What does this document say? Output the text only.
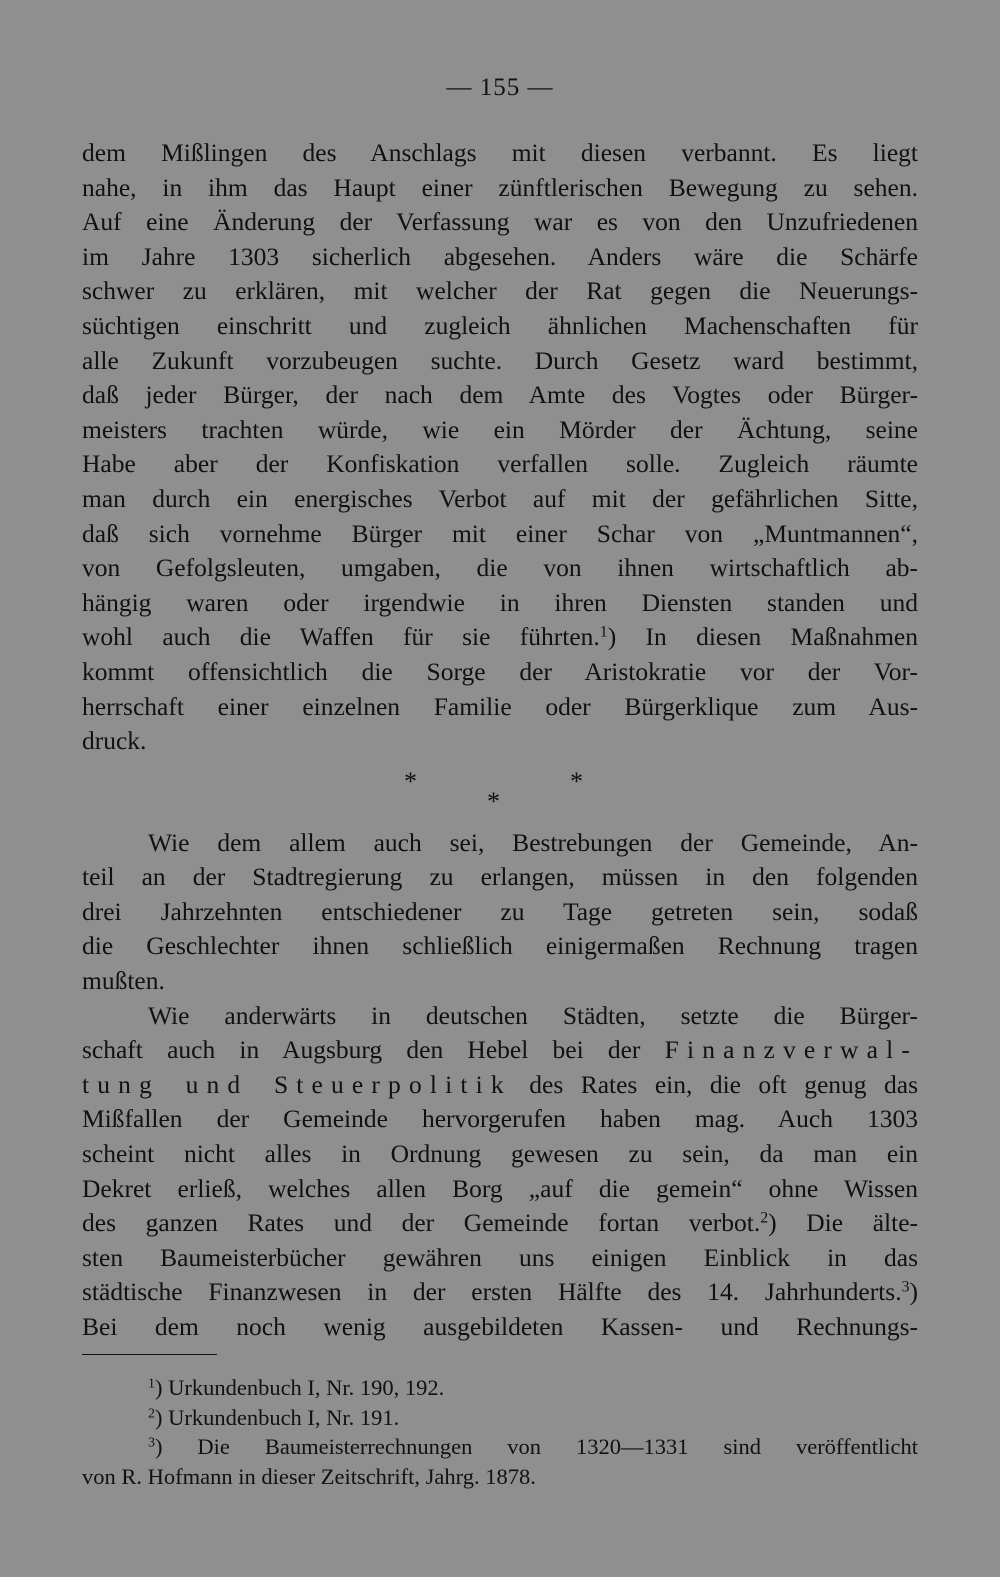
— 155 —
dem Mißlingen des Anschlags mit diesen verbannt. Es liegt
nahe, in ihm das Haupt einer zünftlerischen Bewegung zu sehen.
Auf eine Änderung der Verfassung war es von den Unzufriedenen
im Jahre 1303 sicherlich abgesehen. Anders wäre die Schärfe
schwer zu erklären, mit welcher der Rat gegen die Neuerungs-
süchtigen einschritt und zugleich ähnlichen Machenschaften für
alle Zukunft vorzubeugen suchte. Durch Gesetz ward bestimmt,
daß jeder Bürger, der nach dem Amte des Vogtes oder Bürger-
meisters trachten würde, wie ein Mörder der Ächtung, seine
Habe aber der Konfiskation verfallen solle. Zugleich räumte
man durch ein energisches Verbot auf mit der gefährlichen Sitte,
daß sich vornehme Bürger mit einer Schar von „Muntmannen“,
von Gefolgsleuten, umgaben, die von ihnen wirtschaftlich ab-
hängig waren oder irgendwie in ihren Diensten standen und
wohl auch die Waffen für sie führten.$^1$) In diesen Maßnahmen
kommt offensichtlich die Sorge der Aristokratie vor der Vor-
herrschaft einer einzelnen Familie oder Bürgerklique zum Aus-
druck.
*	*
*
Wie dem allem auch sei, Bestrebungen der Gemeinde, An-
teil an der Stadtregierung zu erlangen, müssen in den folgenden
drei Jahrzehnten entschiedener zu Tage getreten sein, sodaß
die Geschlechter ihnen schließlich einigermaßen Rechnung tragen
mußten.
Wie anderwärts in deutschen Städten, setzte die Bürger-
schaft auch in Augsburg den Hebel bei der Finanzverwal-
tung und Steuerpolitik des Rates ein, die oft genug das
Mißfallen der Gemeinde hervorgerufen haben mag. Auch 1303
scheint nicht alles in Ordnung gewesen zu sein, da man ein
Dekret erließ, welches allen Borg „auf die gemein“ ohne Wissen
des ganzen Rates und der Gemeinde fortan verbot.$^2$) Die älte-
sten Baumeisterbücher gewähren uns einigen Einblick in das
städtische Finanzwesen in der ersten Hälfte des 14. Jahrhunderts.$^3$)
Bei dem noch wenig ausgebildeten Kassen- und Rechnungs-
$^1$) Urkundenbuch I, Nr. 190, 192.
$^2$) Urkundenbuch I, Nr. 191.
$^3$) Die Baumeisterrechnungen von 1320—1331 sind veröffentlicht
von R. Hofmann in dieser Zeitschrift, Jahrg. 1878.
